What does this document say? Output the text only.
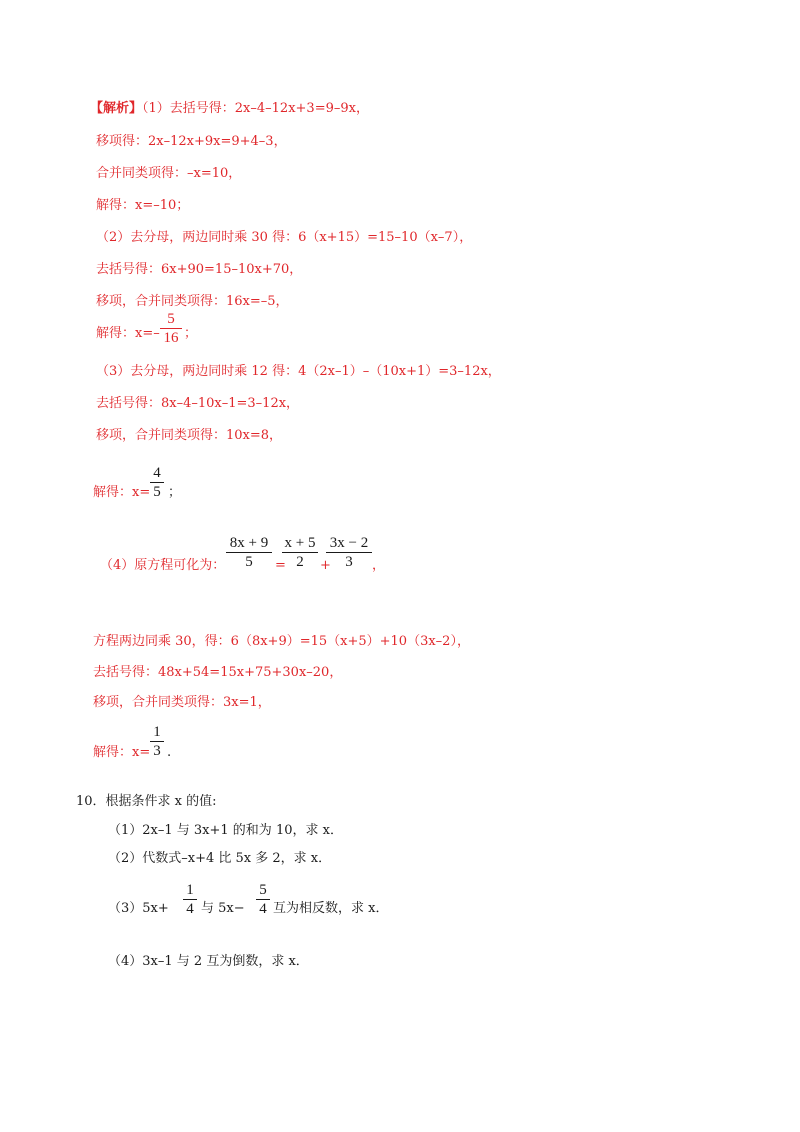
【解析】（1）去括号得：2x–4–12x+3=9–9x，
移项得：2x–12x+9x=9+4–3，
合并同类项得：–x=10，
解得：x=–10；
（2）去分母，两边同时乘 30 得：6（x+15）=15–10（x–7），
去括号得：6x+90=15–10x+70，
移项，合并同类项得：16x=–5，
解得：x=–
5
16 ；
（3）去分母，两边同时乘 12 得：4（2x–1）–（10x+1）=3–12x，
去括号得：8x–4–10x–1=3–12x，
移项，合并同类项得：10x=8，
解得：x=
4
5 ；
（4）原方程可化为：
8x + 9
5	=
x + 5
2	+
3x − 2
3	，
方程两边同乘 30，得：6（8x+9）=15（x+5）+10（3x–2），
去括号得：48x+54=15x+75+30x–20，
移项，合并同类项得：3x=1，
解得：x=
1
3 .
10．根据条件求 x 的值:
（1）2x–1 与 3x+1 的和为 10，求 x．
（2）代数式–x+4 比 5x 多 2，求 x．
（3）5x+
1
4 与 5x−
5
4 互为相反数，求 x．
（4）3x–1 与 2 互为倒数，求 x．
